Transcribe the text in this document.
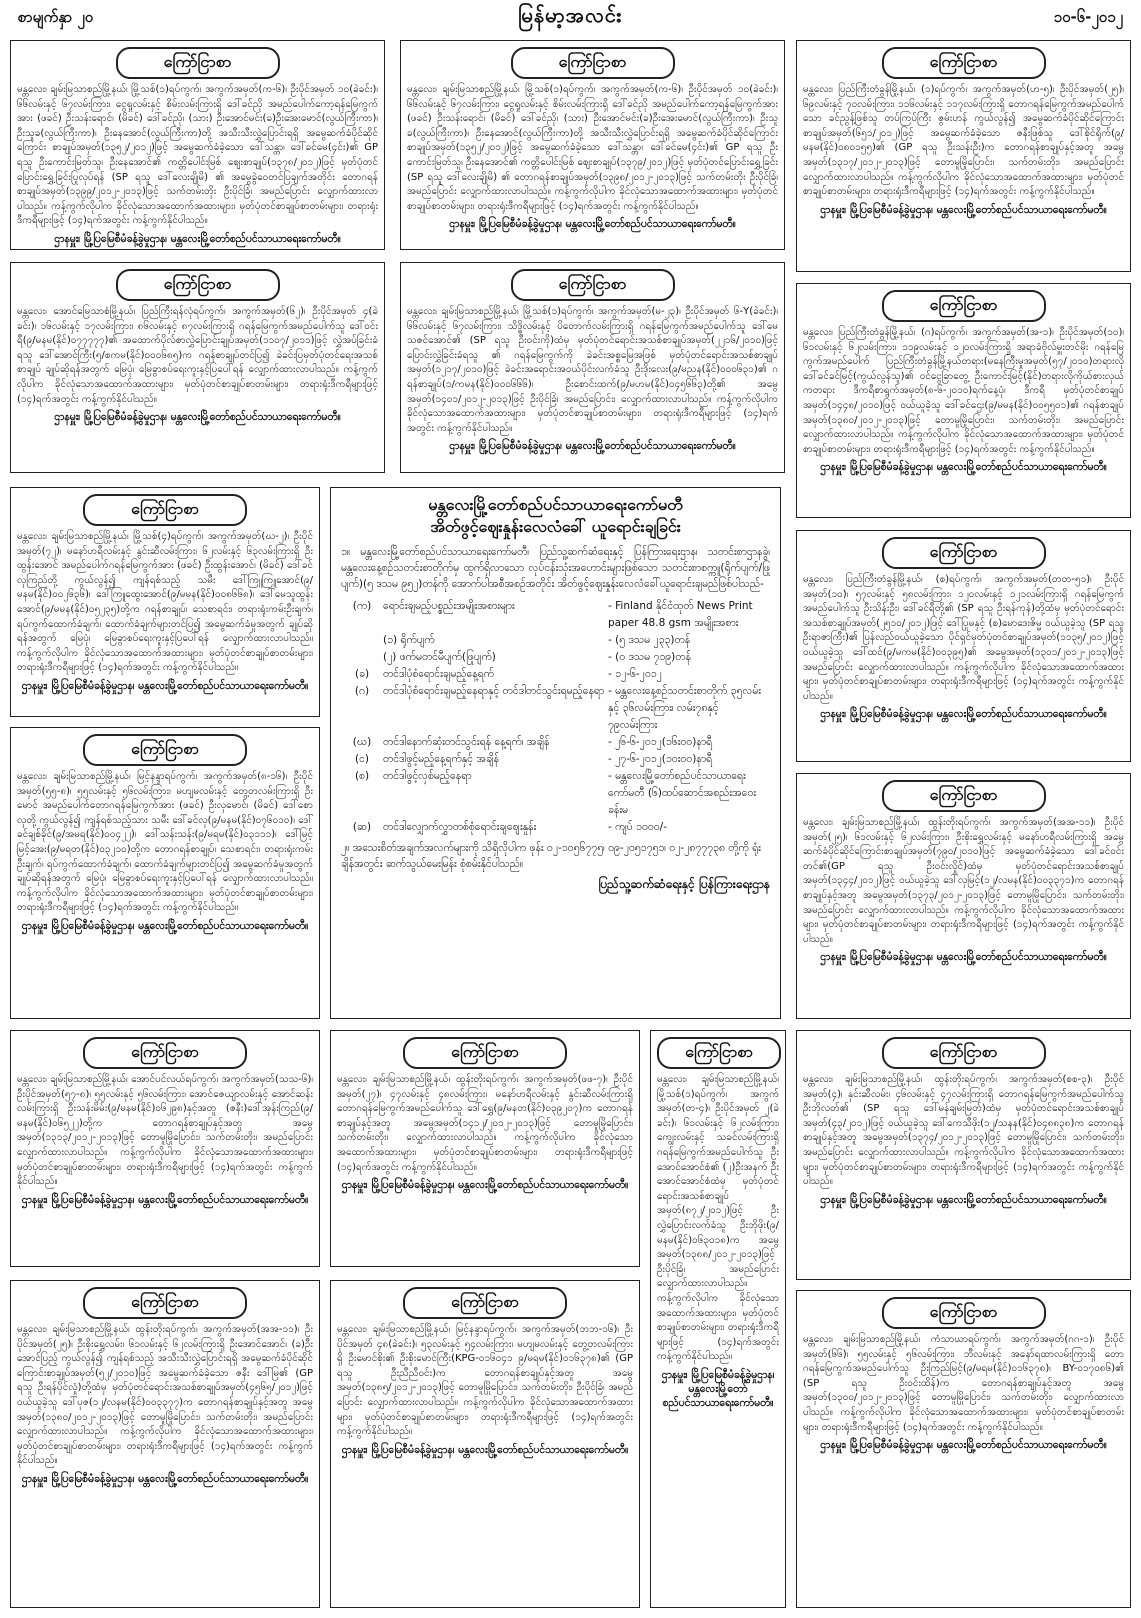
စာမျက်နှာ ၂၀	မြန်မာ့အလင်း	၁၀-၆-၂၀၁၂
ကြော်ငြာစာ
မန္တလေး၊ ချမ်းမြသာစည်မြို့နယ်၊ မြို့သစ်(၁)ရပ်ကွက်၊ အကွက်အမှတ်(က-၆)၊ ဦးပိုင်အမှတ် ၁၀(ခဲခင်း)၊ ၆၆လမ်းနှင့် ၆၇လမ်းကြား၊ ငွေရှုလမ်းနှင့် စိမ်းလမ်းကြားရှိ ဒေါ်ခင်ညို အမည်ပေါက်ကော့ရန်မြေကွက်အား (ဖခင်) ဦးသန်းရောင်၊ (မိခင်) ဒေါ်ခင်ညို၊ (သား) ဦးအောင်မင်း(ခ)ဦးအေးမောင်(လွယ်ကြီးကာ)၊ ဦးသူခ(လွယ်ကြီးကာ)၊ ဦးနေအောင်(လွယ်ကြီးကာ)တို့ အသီးသီးလွှဲပြောင်းရရှိ အမွေဆက်ခံပိုင်ဆိုင်ကြောင်း စာချုပ်အမှတ်(၁၃၅၂/၂၀၁၂)ဖြင့် အမွေဆက်ခံခဲ့သော ဒေါ်သန္တာ၊ ဒေါ်ခင်မေ(၄င်း)၏ GP ရသူ ဦးကောင်းမြတ်သူ၊ ဦးနေအောင်၏ ကတ္တိပေါင်းမြစ် ဈေးစာချုပ်(၁၃၇၈/၂၀၁၂)ဖြင့် မှတ်ပုံတင်ပြောင်းရွှေ့ခြင်းပြုလုပ်ရန် (SP ရသူ ဒေါ်လေးချိုမိ) ၏ အမွေခွဲဝေတင်ပြချက်အတိုင်း တောဂရန်စာချုပ်အမှတ်(၁၃၉၉/၂၀၁၂-၂၀၁၃)ဖြင့် သက်တမ်းတိုး ဦးပိုင်ခြံ၊ အမည်ပြောင်း လျှောက်ထားလာပါသည်။ ကန့်ကွက်လိုပါက ခိုင်လုံသောအထောက်အထားများ၊ မှတ်ပုံတင်စာချုပ်စာတမ်းများ၊ တရားရုံးဒီကရီများဖြင့် (၁၄)ရက်အတွင်း ကန့်ကွက်နိုင်ပါသည်။
ဌာနမှူး၊ မြို့ပြမြေစီမံခန့်ခွဲမှုဌာန၊ မန္တလေးမြို့တော်စည်ပင်သာယာရေးကော်မတီ။
ကြော်ငြာစာ
မန္တလေး၊ ချမ်းမြသာစည်မြို့နယ်၊ မြို့သစ်(၁)ရပ်ကွက်၊ အကွက်အမှတ်(က-၆)၊ ဦးပိုင်အမှတ် ၁၀(ခဲခင်း)၊ ၆၆လမ်းနှင့် ၆၇လမ်းကြား၊ ငွေရှုလမ်းနှင့် စိမ်းလမ်းကြားရှိ ဒေါ်ခင်ညို အမည်ပေါက်ကော့ရန်မြေကွက်အား (ဖခင်) ဦးသန်းရောင်၊ (မိခင်) ဒေါ်ခင်ညို၊ (သား) ဦးအောင်မင်း(ခ)ဦးအေးမောင်(လွယ်ကြီးကာ)၊ ဦးသူခ(လွယ်ကြီးကာ)၊ ဦးနေအောင်(လွယ်ကြီးကာ)တို့ အသီးသီးလွှဲပြောင်းရရှိ အမွေဆက်ခံပိုင်ဆိုင်ကြောင်း စာချုပ်အမှတ်(၁၃၅၂/၂၀၁၂)ဖြင့် အမွေဆက်ခံခဲ့သော ဒေါ်သန္တာ၊ ဒေါ်ခင်မေ(၄င်း)၏ GP ရသူ ဦးကောင်းမြတ်သူ၊ ဦးနေအောင်၏ ကတ္တိပေါင်းမြစ် ဈေးစာချုပ်(၁၃၇၉/၂၀၁၂)ဖြင့် မှတ်ပုံတင်ပြောင်းရွှေ့ခြင်း (SP ရသူ ဒေါ်လေးချိုမိ) ၏ တောဂရန်စာချုပ်အမှတ်(၁၃၉၈/၂၀၁၂-၂၀၁၃)ဖြင့် သက်တမ်းတိုး ဦးပိုင်ခြံ၊ အမည်ပြောင်း လျှောက်ထားလာပါသည်။ ကန့်ကွက်လိုပါက ခိုင်လုံသောအထောက်အထားများ၊ မှတ်ပုံတင်စာချုပ်စာတမ်းများ၊ တရားရုံးဒီကရီများဖြင့် (၁၄)ရက်အတွင်း ကန့်ကွက်နိုင်ပါသည်။
ဌာနမှူး၊ မြို့ပြမြေစီမံခန့်ခွဲမှုဌာန၊ မန္တလေးမြို့တော်စည်ပင်သာယာရေးကော်မတီ။
ကြော်ငြာစာ
မန္တလေး၊ ပြည်ကြီးတံခွန်မြို့နယ်၊ (၁)ရပ်ကွက်၊ အကွက်အမှတ်(ဟ-၅)၊ ဦးပိုင်အမှတ်(၂၅)၊ ၆၉လမ်းနှင့် ၇၀လမ်းကြား၊ ၁၁၆လမ်းနှင့် ၁၁၇လမ်းကြားရှိ တောဂရန်မြေကွက်အမည်ပေါက်သော ခင်ညွန့်ဖြစ်သူ တပ်ကြပ်ကြီး ဇွမ်းပာန် ကွယ်လွန်၍ အမွေဆက်ခံပိုင်ဆိုင်ကြောင်းစာချုပ်အမှတ်(၆၅၁/၂၀၁၂)ဖြင့် အမွေဆက်ခံခဲ့သော ဇနီးဖြစ်သူ ဒေါ်စိုင်ရိုက်(၉/မနမ(နိုင်)၀၈၀၁၅၅)၏ (GP ရသူ ဦးသန်းဦး)က တောဂရန်စာချုပ်နှင့်အတူ အမွေ အမှတ်(၁၃၁၇/၂၀၁၂-၂၀၁၃)ဖြင့် တောမူမြိုပြောင်း၊ သက်တမ်းတိုး၊ အမည်ပြောင်း လျှောက်ထားလာပါသည်။ ကန့်ကွက်လိုပါက ခိုင်လုံသောအထောက်အထားများ၊ မှတ်ပုံတင်စာချုပ်စာတမ်းများ၊ တရားရုံးဒီကရီများဖြင့် (၁၄)ရက်အတွင်း ကန့်ကွက်နိုင်ပါသည်။
ဌာနမှူး၊ မြို့ပြမြေစီမံခန့်ခွဲမှုဌာန၊ မန္တလေးမြို့တော်စည်ပင်သာယာရေးကော်မတီ။
ကြော်ငြာစာ
မန္တလေး၊ အောင်မြေသာစံမြို့နယ်၊ ပြည်ကြီးရန်လုံရပ်ကွက်၊ အကွက်အမှတ်(၆၂)၊ ဦးပိုင်အမှတ် ၄(ခဲခင်း)၊ ၁၆လမ်းနှင့် ၁၇လမ်းကြား၊ ၈၆လမ်းနှင့် ၈၇လမ်းကြားရှိ ဂရန်မြေကွက်အမည်ပေါက်သူ ဒေါ်ဝင်းရီ(၉/မနမ(နိုင်)၀၇၇၇၇၇)၏ အထောက်ပိုလ်စာလွှဲပြောင်းချုပ်အမှတ်(၁၁၀၇/၂၀၁၁)ဖြင့် လွှဲအပ်ခြင်းခံရသူ ဒေါ်အောင်ကြီး(၅/စကမ(နိုင်)၀၀၀၆၈၅)က ဂရန်စာချုပ်တင်ပြ၍ ခဲခင်းပြမှတ်ပုံတင်ရေးအသစ်စာချုပ် ချုပ်ဆိုရန်အတွက် မြေပုံ၊ မြေခွာစပ်ရေးကူးနှင့်ပြပေါ်ရန် လျှောက်ထားလာပါသည်။ ကန့်ကွက်လိုပါက ခိုင်လုံသောအထောက်အထားများ၊ မှတ်ပုံတင်စာချုပ်စာတမ်းများ၊ တရားရုံးဒီကရီများဖြင့် (၁၄)ရက်အတွင်း ကန့်ကွက်နိုင်ပါသည်။
ဌာနမှူး၊ မြို့ပြမြေစီမံခန့်ခွဲမှုဌာန၊ မန္တလေးမြို့တော်စည်ပင်သာယာရေးကော်မတီ။
ကြော်ငြာစာ
မန္တလေး၊ ချမ်းမြသာစည်မြို့နယ်၊ မြို့သစ်(၁)ရပ်ကွက်၊ အကွက်အမှတ်(မ-၂၃)၊ ဦးပိုင်အမှတ် ၆-Y(ခဲခင်း)၊ ၆၆လမ်းနှင့် ၆၇လမ်းကြား၊ သိဒ္ဓိလမ်းနှင့် ပိတောက်လမ်းကြားရှိ ဂရန်မြေကွက်အမည်ပေါက်သူ ဒေါ်မေသဇင်အောင်၏ (SP ရသူ ဦးဝင်းကို)ထံမှ မှတ်ပုံတင်ရောင်းအသစ်စာချုပ်အမှတ်(၂၂၁၆/၂၀၁၀)ဖြင့် ပြောင်းလွှဲခြင်းခံရသူ ၏ ဂရန်မြေကွက်ကို ခဲခင်းအစ္စမြေအဖြစ် မှတ်ပုံတင်ရောင်းအသစ်စာချုပ်အမှတ်(၁၂၁၇/၂၀၁၀)ဖြင့် ခဲခင်းအရောင်းအဝယ်ပိုင်းလက်ခံသူ ဦးဒိုးလေး(၉/မညန(နိုင်)၀၀၀၆၃၁)၏ ဂရန်စာချုပ်(၁/ကမန(နိုင်)၀၀၀၆၆၆)၊ ဦးစောင်းထက်(၉/မဟမ(နိုင်)၀၄၅၆၆၃)တို့၏ အမွေအမှတ်(၁၄၀၁/၂၀၁၂-၂၀၁၃)ဖြင့် ဦးပိုင်ခြံ၊ အမည်ပြောင်း၊ လျှောက်ထားလာပါသည်။ ကန့်ကွက်လိုပါက ခိုင်လုံသောအထောက်အထားများ၊ မှတ်ပုံတင်စာချုပ်စာတမ်းများ၊ တရားရုံးဒီကရီများဖြင့် (၁၄)ရက်အတွင်း ကန့်ကွက်နိုင်ပါသည်။
ဌာနမှူး၊ မြို့ပြမြေစီမံခန့်ခွဲမှုဌာန၊ မန္တလေးမြို့တော်စည်ပင်သာယာရေးကော်မတီ။
ကြော်ငြာစာ
မန္တလေး၊ ပြည်ကြီးတံခွန်မြို့နယ်၊ (ဂ)ရပ်ကွက်၊ အကွက်အမှတ်(အ-၁)၊ ဦးပိုင်အမှတ်(၁၀)၊ ၆၁လမ်းနှင့် ၆၂လမ်းကြား၊ ၁၁၉လမ်းနှင့် ၁၂၀လမ်းကြားရှိ အရာခံဗိုလ်မှူးတင်မိုး ဂရန်မြေကွက်အမည်ပေါက် ပြည်ကြီးတံခွန်မြို့နယ်တရား(မနေကြီးမှုအမှတ်(၅၇/၂၀၁၀)တရားလို ဒေါ်ခင်ခင်မြင့်(ကွယ်လွန်သူ)၏ ဝင်ငွေခြာတွေ့ ဦးကောင်းမြင့်(နိုင်)တရားလိုကိုယ်စားလှယ်ကတရား ဒီကရီစာရွက်အမှတ်(၈-၆-၂၀၁၀)ရက်နေ့ပုံ၊ ဒီကရီ မှတ်ပုံတင်စာချုပ်အမှတ်(၁၄၄၈/၂၀၁၀)ဖြင့် ဝယ်ယူခဲ့သူ ဒေါ်ခင်ဌေး(၉/မမန(နိုင်)၀၀၅၅၀၁)၏ ဂရန်စာချုပ်အမှတ်(၁၃၈၀/၂၀၁၂-၂၀၁၃)ဖြင့် တောမူမြိုပြောင်း၊ သက်တမ်းတိုး၊ အမည်ပြောင်း လျှောက်ထားလာပါသည်။ ကန့်ကွက်လိုပါက ခိုင်လုံသောအထောက်အထားများ၊ မှတ်ပုံတင်စာချုပ်စာတမ်းများ၊ တရားရုံးဒီကရီများဖြင့် (၁၄)ရက်အတွင်း ကန့်ကွက်နိုင်ပါသည်။
ဌာနမှူး၊ မြို့ပြမြေစီမံခန့်ခွဲမှုဌာန၊ မန္တလေးမြို့တော်စည်ပင်သာယာရေးကော်မတီ။
ကြော်ငြာစာ
မန္တလေး၊ ချမ်းမြသာစည်မြို့နယ်၊ မြို့သစ်(၄)ရပ်ကွက်၊ အကွက်အမှတ်(ဃ-၂)၊ ဦးပိုင်အမှတ်(၇၂)၊ မနော်ဟရီလမ်းနှင့် နွင်းဆီလမ်းကြား၊ ၆၂လမ်းနှင့် ၆၃လမ်းကြားရှိ ဦးထွန်းအောင် အမည်ပေါက်ဂရန်မြေကွက်အား (ဖခင်) ဦးထွန်းအောင်၊ (မိခင်) ဒေါ်ခင်လှကြည်တို့ ကွယ်လွန်၍ ကျန်ရစ်သည့် သမီး ဒေါ်ကြူကြူအောင်(၉/မနမ(နိုင်)၀၀၂၆၃၆)၊ ဒေါ်ကြူထွေးအောင်(၉/မမန(နိုင်)၀၀၈၆၆၈)၊ ဒေါ်မေသူထွန်းအောင်(၉/မမန(နိုင်)၀၅၂၃၅)တို့က ဂရန်စာချုပ်၊ သေစာရင်း၊ တရားရုံးကမ်းဦးချက်၊ ရပ်ကွက်ထောက်ခံချက်၊ ထောက်ခံချက်များတင်ပြ၍ အမွေဆက်ခံမှုအတွက် ချုပ်ဆိုရန်အတွက် မြေပုံ၊ မြေခွာစပ်ရေးကူးနှင့်ပြပေါ်ရန် လျှောက်ထားလာပါသည်။ ကန့်ကွက်လိုပါက ခိုင်လုံသောအထောက်အထားများ၊ မှတ်ပုံတင်စာချုပ်စာတမ်းများ၊ တရားရုံးဒီကရီများဖြင့် (၁၄)ရက်အတွင်း ကန့်ကွက်နိုင်ပါသည်။
ဌာနမှူး၊ မြို့ပြမြေစီမံခန့်ခွဲမှုဌာန၊ မန္တလေးမြို့တော်စည်ပင်သာယာရေးကော်မတီ။
ကြော်ငြာစာ
မန္တလေး၊ ပြည်ကြီးတံခွန်မြို့နယ်၊ (စ)ရပ်ကွက်၊ အကွက်အမှတ်(တတ-၅၁)၊ ဦးပိုင်အမှတ်(၁၀)၊ ၅၇လမ်းနှင့် ၅၈လမ်းကြား၊ ၁၂၀လမ်းနှင့် ၁၂၁လမ်းကြားရှိ ဂရန်မြေကွက်အမည်ပေါက်သူ ဦးသိန်းဦး၊ ဒေါ်ခင်ရီတို့၏ (SP ရသူ ဦးရန်ကုန်)တို့ထံမှ မှတ်ပုံတင်ရောင်းအသစ်စာချုပ်အမှတ်(၂၅၁၀/၂၀၁၂)ဖြင့် ဒေါ်ပြုမနှင့် (စ)မောဒေးဇိမ္မ ဝယ်ယူခဲ့သူ (SP ရသူ ဦးရာဇာကြီး)၏ ပြန်လည်ဝယ်ယူခဲ့သော ပိုင်ရှင်မှတ်ပုံတင်စာချုပ်အမှတ်(၁၁၃၅/၂၀၁၂)ဖြင့် ဝယ်ယူခဲ့သူ ဒေါ်ထင်(၉/မကမ(နိုင်)၀၀၃၉၅)၏ အမွေအမှတ်(၁၃၀၁/၂၀၁၂-၂၀၁၃)ဖြင့် အမည်ပြောင်း လျှောက်ထားလာပါသည်။ ကန့်ကွက်လိုပါက ခိုင်လုံသောအထောက်အထားများ၊ မှတ်ပုံတင်စာချုပ်စာတမ်းများ၊ တရားရုံးဒီကရီများဖြင့် (၁၄)ရက်အတွင်း ကန့်ကွက်နိုင်ပါသည်။
ဌာနမှူး၊ မြို့ပြမြေစီမံခန့်ခွဲမှုဌာန၊ မန္တလေးမြို့တော်စည်ပင်သာယာရေးကော်မတီ။
ကြော်ငြာစာ
မန္တလေး၊ ချမ်းမြသာစည်မြို့နယ်၊ မြင့်နန္ဒာရပ်ကွက်၊ အကွက်အမှတ်(၈-၁၆)၊ ဦးပိုင်အမှတ်(၅၅-၈)၊ ၅၅လမ်းနှင့် ၅၆လမ်းကြား၊ မဟျမလမ်းနှင့် တွေ့တလမ်းကြားရှိ ဦးမောင် အမည်ပေါက်တောဂရန်မြေကွက်အား (ဖခင်) ဦးလှမောင်၊ (မိခင်) ဒေါ်စောလှတို့ ကွယ်လွန်၍ ကျန်ရစ်သည့်သား သမီး ဒေါ်ခင်လှ(၉/မနမ(နိုင်)၀၇၆၀၁၀)၊ ဒေါ်ခင်ချစ်ခိုင်(၉/အမရ(နိုင်)၀၀၄၂၂)၊ ဒေါ်သန်းသန်း(၉/မရမ(နိုင်)၀၃၁၁၁)၊ ဒေါ်မြင့်မြင့်အေး(၉/မရတ(နိုင်)၀၃၂၁၀)တို့က တောဂရန်စာချုပ်၊ သေစာရင်း၊ တရားရုံးကမ်းဦးချက်၊ ရပ်ကွက်ထောက်ခံချက်၊ ထောက်ခံချက်များတင်ပြ၍ အမွေဆက်ခံမှုအတွက် ချုပ်ဆိုရန်အတွက် မြေပုံ၊ မြေခွာစပ်ရေးကူးနှင့်ပြပေါ်ရန် လျှောက်ထားလာပါသည်။ ကန့်ကွက်လိုပါက ခိုင်လုံသောအထောက်အထားများ၊ မှတ်ပုံတင်စာချုပ်စာတမ်းများ၊ တရားရုံးဒီကရီများဖြင့် (၁၄)ရက်အတွင်း ကန့်ကွက်နိုင်ပါသည်။
ဌာနမှူး၊ မြို့ပြမြေစီမံခန့်ခွဲမှုဌာန၊ မန္တလေးမြို့တော်စည်ပင်သာယာရေးကော်မတီ။
ကြော်ငြာစာ
မန္တလေး၊ ချမ်းမြသာစည်မြို့နယ်၊ ထွန်းတိုးရပ်ကွက်၊ အကွက်အမှတ်(အအ-၁၁)၊ ဦးပိုင်အမှတ်(၂၅)၊ ၆၁လမ်းနှင့် ၆၂လမ်းကြား၊ ဦးစိုးရွှေလမ်းနှင့် မနော်ဟရီလမ်းကြားရှိ အမွေဆက်ခံပိုင်ဆိုင်ကြောင်းစာချုပ်အမှတ်(၇၉၀/၂၀၁၀)ဖြင့် အမွေဆက်ခံခဲ့သော ဒေါ်ခင်ဝင်းတင်၏(GP ရသူ ဦးဝင်းလှိုင်)ထံမှ မှတ်ပုံတင်ရောင်းအသစ်စာချုပ်အမှတ်(၁၃၄၄/၂၀၁၂)ဖြင့် ဝယ်ယူခဲ့သူ ဒေါ်လှမြင့်(၁၂/လမန(နိုင်)၀၀၃၃၇၁)က တောဂရန်စာချုပ်နှင့်အတူ အမွေအမှတ်(၁၃၇၃/၂၀၁၂-၂၀၁၃)ဖြင့် တောမူမြိုပြောင်း၊ သက်တမ်းတိုး၊ အမည်ပြောင်း လျှောက်ထားလာပါသည်။ ကန့်ကွက်လိုပါက ခိုင်လုံသောအထောက်အထားများ၊ မှတ်ပုံတင်စာချုပ်စာတမ်းများ၊ တရားရုံးဒီကရီများဖြင့် (၁၄)ရက်အတွင်း ကန့်ကွက်နိုင်ပါသည်။
ဌာနမှူး၊ မြို့ပြမြေစီမံခန့်ခွဲမှုဌာန၊ မန္တလေးမြို့တော်စည်ပင်သာယာရေးကော်မတီ။
မန္တလေးမြို့တော်စည်ပင်သာယာရေးကော်မတီ
အိတ်ဖွင့်ဈေးနှုန်းလေလံခေါ် ယူရောင်းချခြင်း
၁။ မန္တလေးမြို့တော်စည်ပင်သာယာရေးကော်မတီ၊ ပြည်သူ့ဆက်ဆံရေးနှင့် ပြန်ကြားရေးဌာန၊ သတင်းစာဌာနခွဲ၊ မန္တလေးနေ့စဉ်သတင်းစာတိုက်မှ ထွက်ရှိလာသော လုပ်ငန်းသုံးအဟောင်းများဖြစ်သော သတင်းစာစက္ကူ(ရိုက်ပျက်/ဖြုပျက်)(၅ ဒသမ ၉၅၂)တန်ကို အောက်ပါအစီအစဉ်အတိုင်း အိတ်ဖွင့်ဈေးနှုန်းလေလံခေါ်ယူရောင်းချမည်ဖြစ်ပါသည်-
(က)	ရောင်းချမည့်ပစ္စည်းအမျိုးအစားများ	- Finland နိုင်ငံထုတ် News Print paper 48.8 gsm အမျိုးအစား
(၁) ရိုက်ပျက်	- (၅ ဒသမ ၂၃၃)တန်
(၂) ဖက်မတင်မီပျက်(ဖြုပျက်)	- (၀ ဒသမ ၇၁၉)တန်
(ခ)	တင်ဒါပုံစံရောင်းချမည့်နေ့ရက်	- ၁၂-၆-၂၀၁၂
(ဂ)	တင်ဒါပုံစံရောင်းချမည့်နေရာနှင့် တင်ဒါတင်သွင်းရမည့်နေရာ - မန္တလေးနေ့စဉ်သတင်းစာတိုက် ၃၅လမ်းနှင့် ၃၆လမ်းကြား၊ လမ်း၇၈နှင့် ၇၉လမ်းကြား
(ဃ)	တင်ဒါနောက်ဆုံးတင်သွင်းရန် နေ့ရက်၊ အချိန်	- ၂၆-၆-၂၀၁၂(၁၆း၀၀)နာရီ
(င)	တင်ဒါဖွင့်မည့်နေ့ရက်နှင့် အချိန်	- ၂၇-၆-၂၀၁၂(၁၀း၀၀)နာရီ
(စ)	တင်ဒါဖွင့်လှစ်မည့်နေရာ	- မန္တလေးမြို့တော်စည်ပင်သာယာရေးကော်မတီ (၆)ထပ်ဆောင်အစည်းအဝေးခန်းမ
(ဆ)	တင်ဒါလျှောက်လွှာတစ်စုံရောင်းချဈေးနှုန်း	- ကျပ် ၁၀၀၀/-
၂။ အသေးစိတ်အချက်အလက်များကို သိရှိလိုပါက ဖုန်း ၀၂-၁၀၅၆၇၇၅၊ ၀၉-၂၀၅၁၇၅၁၊ ၀၂-၂၈၇၇၇၃၈ တို့ကို ရုံးချိန်အတွင်း ဆက်သွယ်မေးမြန်း စုံစမ်းနိုင်ပါသည်။
ပြည်သူ့ဆက်ဆံရေးနှင့် ပြန်ကြားရေးဌာန
ကြော်ငြာစာ
မန္တလေး၊ ချမ်းမြသာစည်မြို့နယ်၊ အောင်ပင်လယ်ရပ်ကွက်၊ အကွက်အမှတ်(သသ-၆)၊ ဦးပိုင်အမှတ်(၅၇-၈)၊ ၅၅လမ်းနှင့် ၅၆လမ်းကြား၊ အောင်ဇေယျာလမ်းနှင့် အောင်ဆန်းလမ်းကြားရှိ ဦးသန်းမိမ်း(၉/မနမ(နိုင်)၀၆၂၉၈)နှင့်အတူ (ဇနီး)ဒေါ်အုန်းကြည်(၉/မနမ(နိုင်)၀၆၅၂၂)တို့က တောဂရန်စာချုပ်နှင့်အတူ အမွေအမှတ်(၁၃၁၃/၂၀၁၂-၂၀၁၃)ဖြင့် တောမူမြိုပြောင်း၊ သက်တမ်းတိုး၊ အမည်ပြောင်း လျှောက်ထားလာပါသည်။ ကန့်ကွက်လိုပါက ခိုင်လုံသောအထောက်အထားများ၊ မှတ်ပုံတင်စာချုပ်စာတမ်းများ၊ တရားရုံးဒီကရီများဖြင့် (၁၄)ရက်အတွင်း ကန့်ကွက်နိုင်ပါသည်။
ဌာနမှူး၊ မြို့ပြမြေစီမံခန့်ခွဲမှုဌာန၊ မန္တလေးမြို့တော်စည်ပင်သာယာရေးကော်မတီ။
ကြော်ငြာစာ
မန္တလေး၊ ချမ်းမြသာစည်မြို့နယ်၊ ထွန်းတိုးရပ်ကွက်၊ အကွက်အမှတ်(ဖဖ-၇)၊ ဦးပိုင်အမှတ်(၂၇)၊ ၄၇လမ်းနှင့် ၄၈လမ်းကြား၊ မနော်ဟရီလမ်းနှင့် နွင်းဆီလမ်းကြားရှိ တောဂရန်မြေကွက်အမည်ပေါက်သူ ဒေါ်ရွှေ(၉/မနတ(နိုင်)၀၃၉၂၀၇)က တောဂရန်စာချုပ်နှင့်အတူ အမွေအမှတ်(၁၄၁၂/၂၀၁၂-၂၀၁၃)ဖြင့် တောမူမြိုပြောင်း၊ သက်တမ်းတိုး၊ လျှောက်ထားလာပါသည်။ ကန့်ကွက်လိုပါက ခိုင်လုံသောအထောက်အထားများ၊ မှတ်ပုံတင်စာချုပ်စာတမ်းများ၊ တရားရုံးဒီကရီများဖြင့် (၁၄)ရက်အတွင်း ကန့်ကွက်နိုင်ပါသည်။
ဌာနမှူး၊ မြို့ပြမြေစီမံခန့်ခွဲမှုဌာန၊ မန္တလေးမြို့တော်စည်ပင်သာယာရေးကော်မတီ။
ကြော်ငြာစာ
မန္တလေး၊ ချမ်းမြသာစည်မြို့နယ်၊ မြို့သစ်(၁)ရပ်ကွက်၊ အကွက်အမှတ်(တ-၄)၊ ဦးပိုင်အမှတ် ၂(ခဲခင်း)၊ ၆၁လမ်းနှင့် ၆၂လမ်းကြား၊ ကျွေးလမ်းနှင့် သခင်လမ်းကြားရှိ ဂရန်မြေကွက်အမည်ပေါက်သူ ဦးအောင်အောင်စံ၏ (၂)ဦးအနက် ဦးအောင်အောင်စံထံမှ မှတ်ပုံတင်ရောင်းအသစ်စာချုပ်အမှတ်(၈၇၂/၂၀၁၂)ဖြင့် ဦးလွှဲပြောင်းလက်ခံသူ ဦးဘိုဖိုး(၉/မနမ(နိုင်)၀၆၃၀၁၈)က အမွေအမှတ်(၁၃၈၈/၂၀၁၂-၂၀၁၃)ဖြင့် ဦးပိုင်ခြံ၊ အမည်ပြောင်း လျှောက်ထားလာပါသည်။ ကန့်ကွက်လိုပါက ခိုင်လုံသောအထောက်အထားများ၊ မှတ်ပုံတင်စာချုပ်စာတမ်းများ၊ တရားရုံးဒီကရီများဖြင့် (၁၄)ရက်အတွင်း ကန့်ကွက်နိုင်ပါသည်။
ဌာနမှူး၊ မြို့ပြမြေစီမံခန့်ခွဲမှုဌာန၊ မန္တလေးမြို့တော်စည်ပင်သာယာရေးကော်မတီ။
ကြော်ငြာစာ
မန္တလေး၊ ချမ်းမြသာစည်မြို့နယ်၊ ထွန်းတိုးရပ်ကွက်၊ အကွက်အမှတ်(စစ-၃)၊ ဦးပိုင်အမှတ်(၄)၊ နှင်းဆီလမ်း၊ ၄၆လမ်းနှင့် ၄၇လမ်းကြားရှိ တောဂရန်မြေကွက်အမည်ပေါက်သူ ဦးဘိုလတ်၏ (SP ရသူ ဒေါ်မန်ချမ်းမြတ်)ထံမှ မှတ်ပုံတင်ရောင်းအသစ်စာချုပ်အမှတ်(၄၃/၂၀၁၂)ဖြင့် ဝယ်ယူခဲ့သူ ဒေါ်ကေသီဖိုး(၁၂/သနန(နိုင်)၀၄၈၈၃၈)က တောဂရန်စာချုပ်နှင့်အတူ အမွေအမှတ်(၁၃၇၄/၂၀၁၂-၂၀၁၃)ဖြင့် တောမူမြိုပြောင်း၊ သက်တမ်းတိုး၊ အမည်ပြောင်း လျှောက်ထားလာပါသည်။ ကန့်ကွက်လိုပါက ခိုင်လုံသောအထောက်အထားများ၊ မှတ်ပုံတင်စာချုပ်စာတမ်းများ၊ တရားရုံးဒီကရီများဖြင့် (၁၄)ရက်အတွင်း ကန့်ကွက်နိုင်ပါသည်။
ဌာနမှူး၊ မြို့ပြမြေစီမံခန့်ခွဲမှုဌာန၊ မန္တလေးမြို့တော်စည်ပင်သာယာရေးကော်မတီ။
ကြော်ငြာစာ
မန္တလေး၊ ချမ်းမြသာစည်မြို့နယ်၊ ထွန်းတိုးရပ်ကွက်၊ အကွက်အမှတ်(အအ-၁၁)၊ ဦးပိုင်အမှတ်(၂၅)၊ ဦးစိုးရွှေလမ်း၊ ၆၁လမ်းနှင့် ၆၂လမ်းကြားရှိ ဦးအောင်အောင်၊ (ခ)ဦးအောင်ပြည့် ကွယ်လွန်၍ ကျန်ရစ်သည့် အသီးသီးလွှဲပြောင်းရရှိ အမွေဆက်ခံပိုင်ဆိုင်ကြောင်းစာချုပ်အမှတ်(၅၂/၂၀၁၀)ဖြင့် အမွေဆက်ခံခဲ့သော ဇနီး ဒေါ်မြ၏ (GP ရသူ ဦးရန်ပိုင်လှုံ)တို့ထံမှ မှတ်ပုံတင်ရောင်းအသစ်စာချုပ်အမှတ်(၄၅၆၅/၂၀၁၂)ဖြင့် ဝယ်ယူခဲ့သူ ဒေါ်ပုဇ(၁၂/လနမ(နိုင်)၀၀၃၃၇၇)က တောဂရန်စာချုပ်နှင့်အတူ အမွေအမှတ်(၁၃၈၀/၂၀၁၂-၂၀၁၃)ဖြင့် တောမူမြိုပြောင်း၊ သက်တမ်းတိုး၊ အမည်ပြောင်း လျှောက်ထားလာပါသည်။ ကန့်ကွက်လိုပါက ခိုင်လုံသောအထောက်အထားများ၊ မှတ်ပုံတင်စာချုပ်စာတမ်းများ၊ တရားရုံးဒီကရီများဖြင့် (၁၄)ရက်အတွင်း ကန့်ကွက်နိုင်ပါသည်။
ဌာနမှူး၊ မြို့ပြမြေစီမံခန့်ခွဲမှုဌာန၊ မန္တလေးမြို့တော်စည်ပင်သာယာရေးကော်မတီ။
ကြော်ငြာစာ
မန္တလေး၊ ချမ်းမြသာစည်မြို့နယ်၊ မြင့်နန္ဒာရပ်ကွက်၊ အကွက်အမှတ်(ဘဘ-၁၆)၊ ဦးပိုင်အမှတ် ၄၈(ခဲခင်း)၊ ၅၃လမ်းနှင့် ၅၄လမ်းကြား၊ မဟျမလမ်းနှင့် တွေ့တလမ်းကြားရှိ ဦးမောင်စိုး၏ ဦးစိုးမောင်ကြီး(KPG-၀၁၆၀၄၁ ၉/မရမ(နိုင်)၀၁၆၃၇၈)၏ (GP ရသူ ဦးညီညီဝင်း)က တောဂရန်စာချုပ်နှင့်အတူ အမွေအမှတ်(၁၃၈၅/၂၀၁၂-၂၀၁၃)ဖြင့် တောမူမြိုပြောင်း၊ သက်တမ်းတိုး၊ ဦးပိုင်ခြံ၊ အမည်ပြောင်း လျှောက်ထားလာပါသည်။ ကန့်ကွက်လိုပါက ခိုင်လုံသောအထောက်အထားများ၊ မှတ်ပုံတင်စာချုပ်စာတမ်းများ၊ တရားရုံးဒီကရီများဖြင့် (၁၄)ရက်အတွင်း ကန့်ကွက်နိုင်ပါသည်။
ဌာနမှူး၊ မြို့ပြမြေစီမံခန့်ခွဲမှုဌာန၊ မန္တလေးမြို့တော်စည်ပင်သာယာရေးကော်မတီ။
ကြော်ငြာစာ
မန္တလေး၊ ချမ်းမြသာစည်မြို့နယ်၊ ကံသာယာရပ်ကွက်၊ အကွက်အမှတ်(ဂဂ-၁)၊ ဦးပိုင်အမှတ်(၆၆)၊ ၅၅လမ်းနှင့် ၅၆လမ်းကြား၊ ဘီလမ်းနှင့် အနော်ရထာလမ်းကြားရှိ တောဂရန်မြေကွက်အမည်ပေါက်သူ ဦးကြည်မြင့်(၉/မရမ(နိုင်)၀၁၆၃၇၈)၊ BY-၀၁၇၀၈၆)၏ (SP ရသူ ဦးဝင်းထိန်)က တောဂရန်စာချုပ်နှင့်အတူ အမွေအမှတ်(၁၃၀၀/၂၀၁၂-၂၀၁၃)ဖြင့် တောမူမြိုပြောင်း၊ သက်တမ်းတိုး၊ လျှောက်ထားလာပါသည်။ ကန့်ကွက်လိုပါက ခိုင်လုံသောအထောက်အထားများ၊ မှတ်ပုံတင်စာချုပ်စာတမ်းများ၊ တရားရုံးဒီကရီများဖြင့် (၁၄)ရက်အတွင်း ကန့်ကွက်နိုင်ပါသည်။
ဌာနမှူး၊ မြို့ပြမြေစီမံခန့်ခွဲမှုဌာန၊ မန္တလေးမြို့တော်စည်ပင်သာယာရေးကော်မတီ။
